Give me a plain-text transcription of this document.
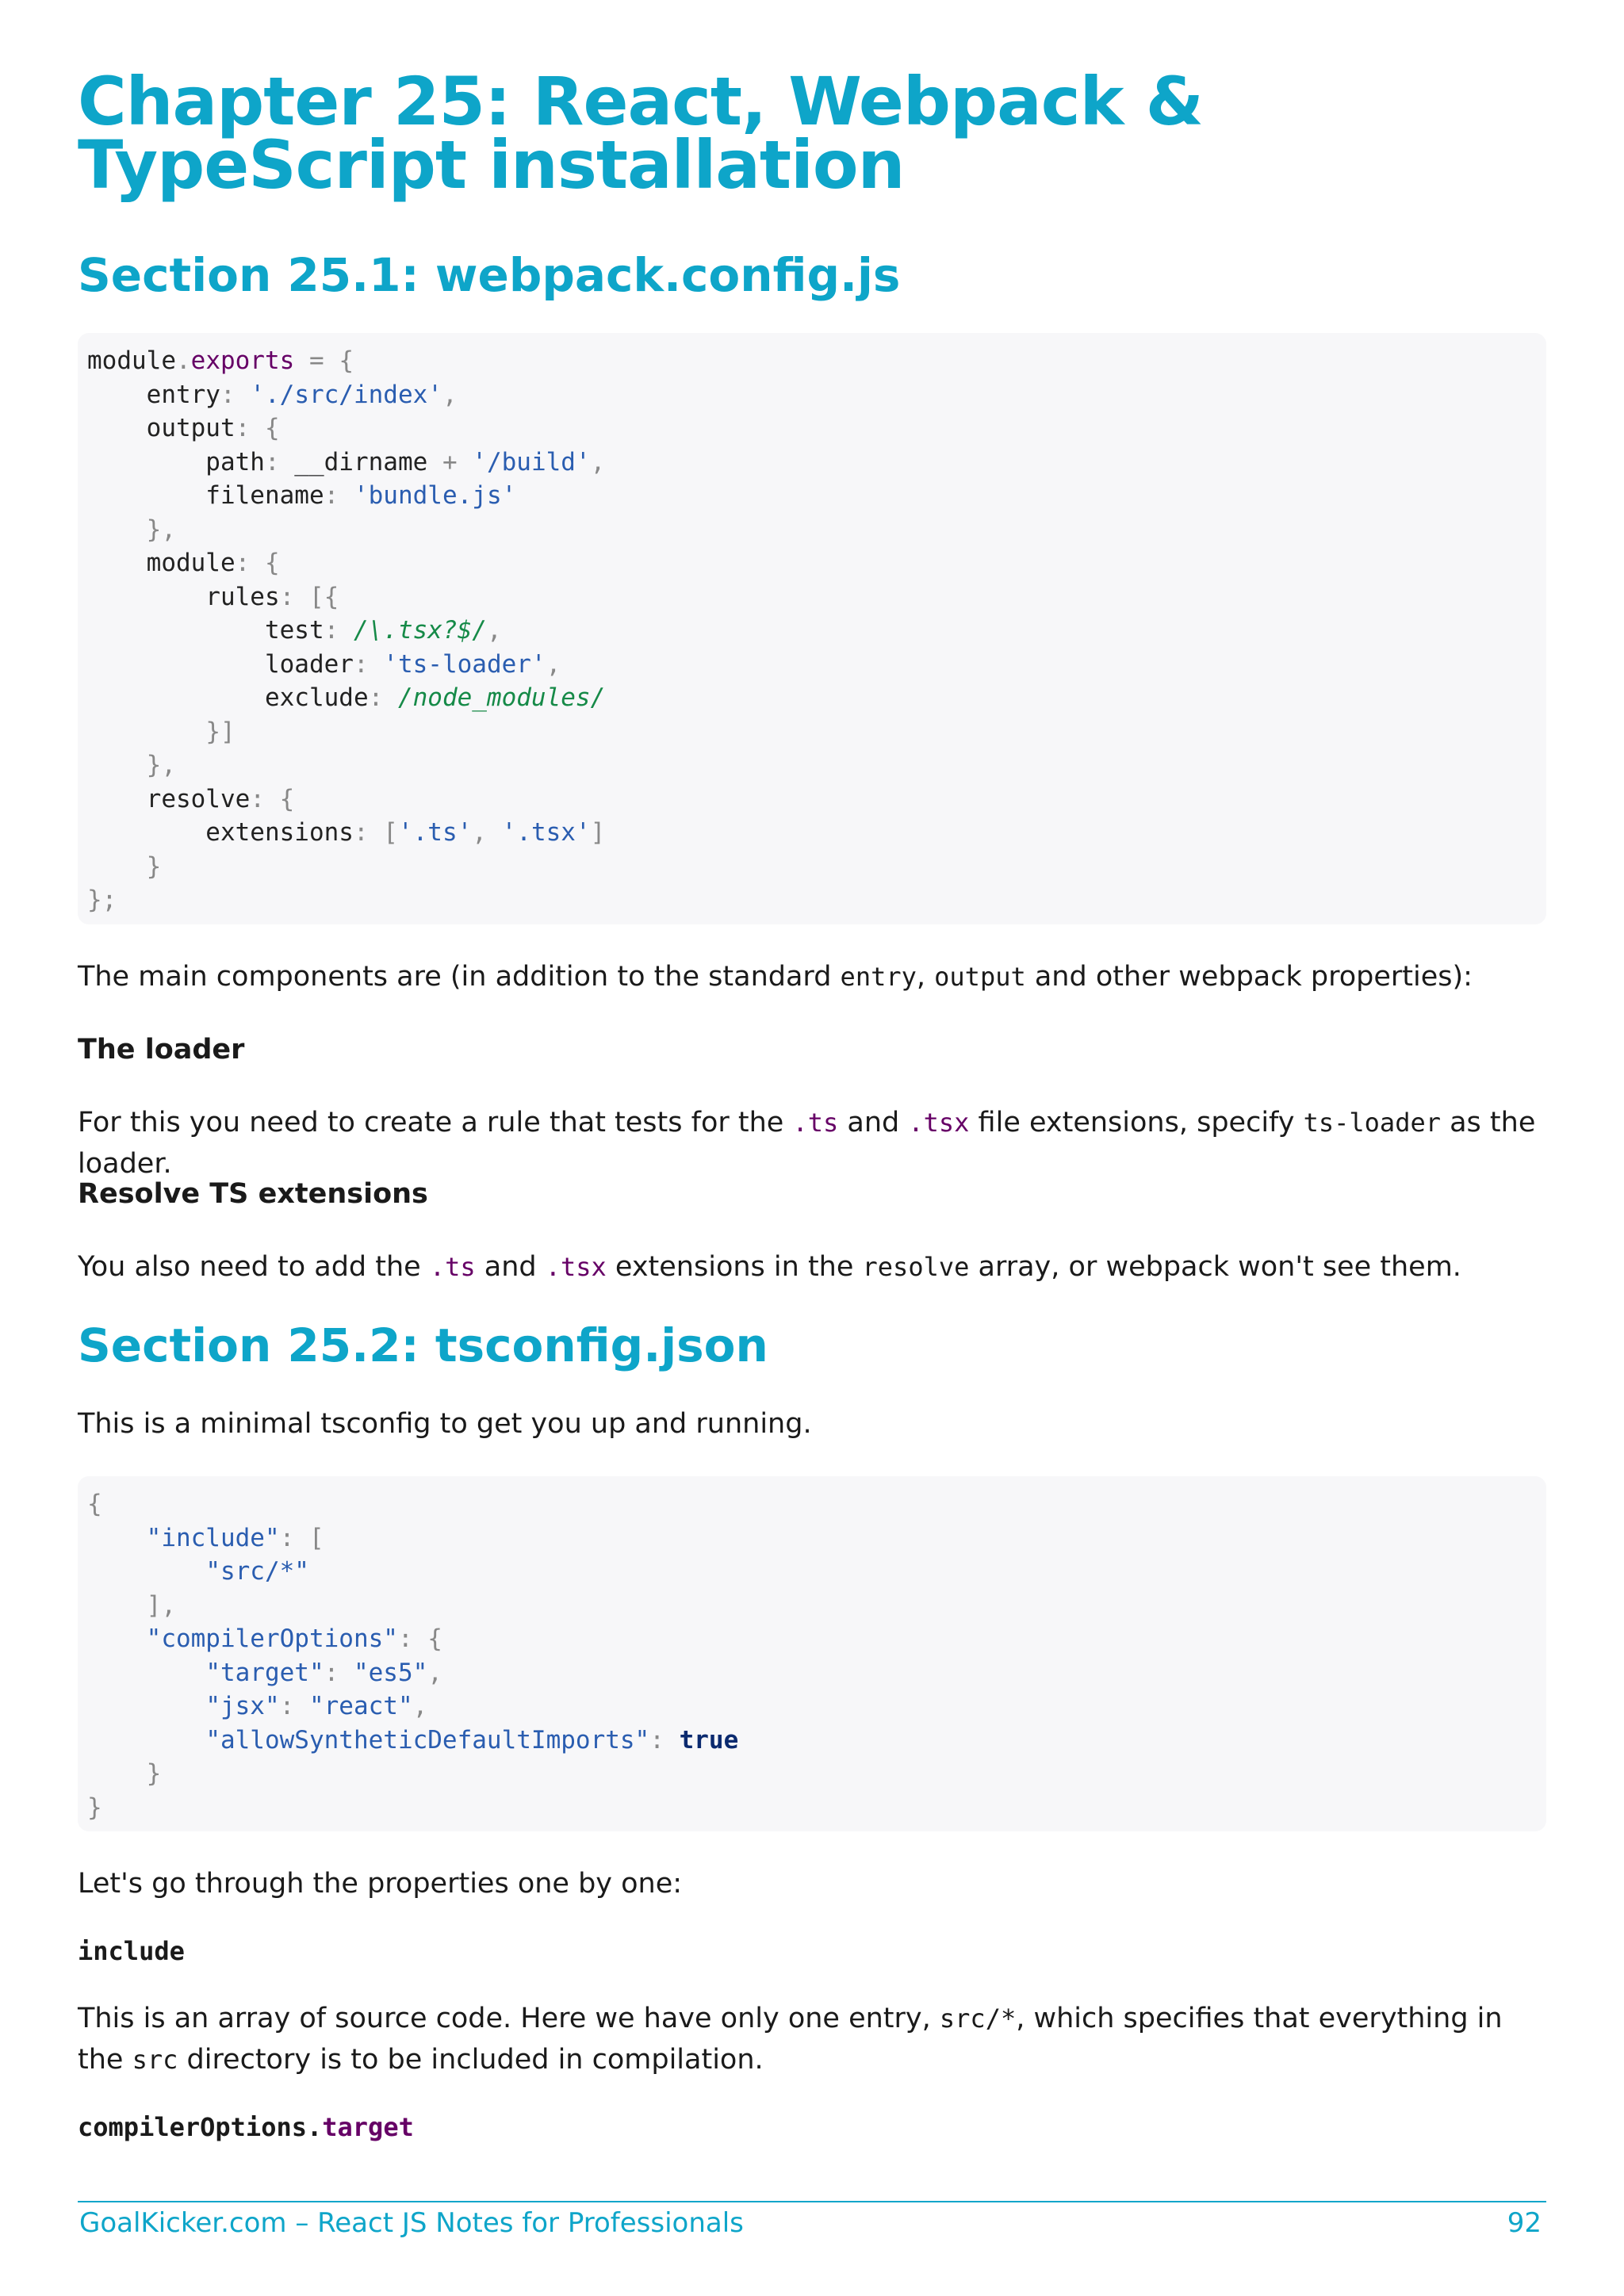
Chapter 25: React, Webpack & TypeScript installation
Section 25.1: webpack.config.js
module.exports = {
entry: './src/index',
output: {
path: __dirname + '/build',
filename: 'bundle.js'
},
module: {
rules: [{
test: /\.tsx?$/,
loader: 'ts-loader',
exclude: /node_modules/
}]
},
resolve: {
extensions: ['.ts', '.tsx']
}
};

The main components are (in addition to the standard entry, output and other webpack properties):

The loader

For this you need to create a rule that tests for the .ts and .tsx file extensions, specify ts-loader as the loader.

Resolve TS extensions

You also need to add the .ts and .tsx extensions in the resolve array, or webpack won't see them.

Section 25.2: tsconfig.json

This is a minimal tsconfig to get you up and running.

{
"include": [
"src/*"
],
"compilerOptions": {
"target": "es5",
"jsx": "react",
"allowSyntheticDefaultImports": true
}
}

Let's go through the properties one by one:

include

This is an array of source code. Here we have only one entry, src/*, which specifies that everything in the src directory is to be included in compilation.

compilerOptions.target

GoalKicker.com – React JS Notes for Professionals	92
